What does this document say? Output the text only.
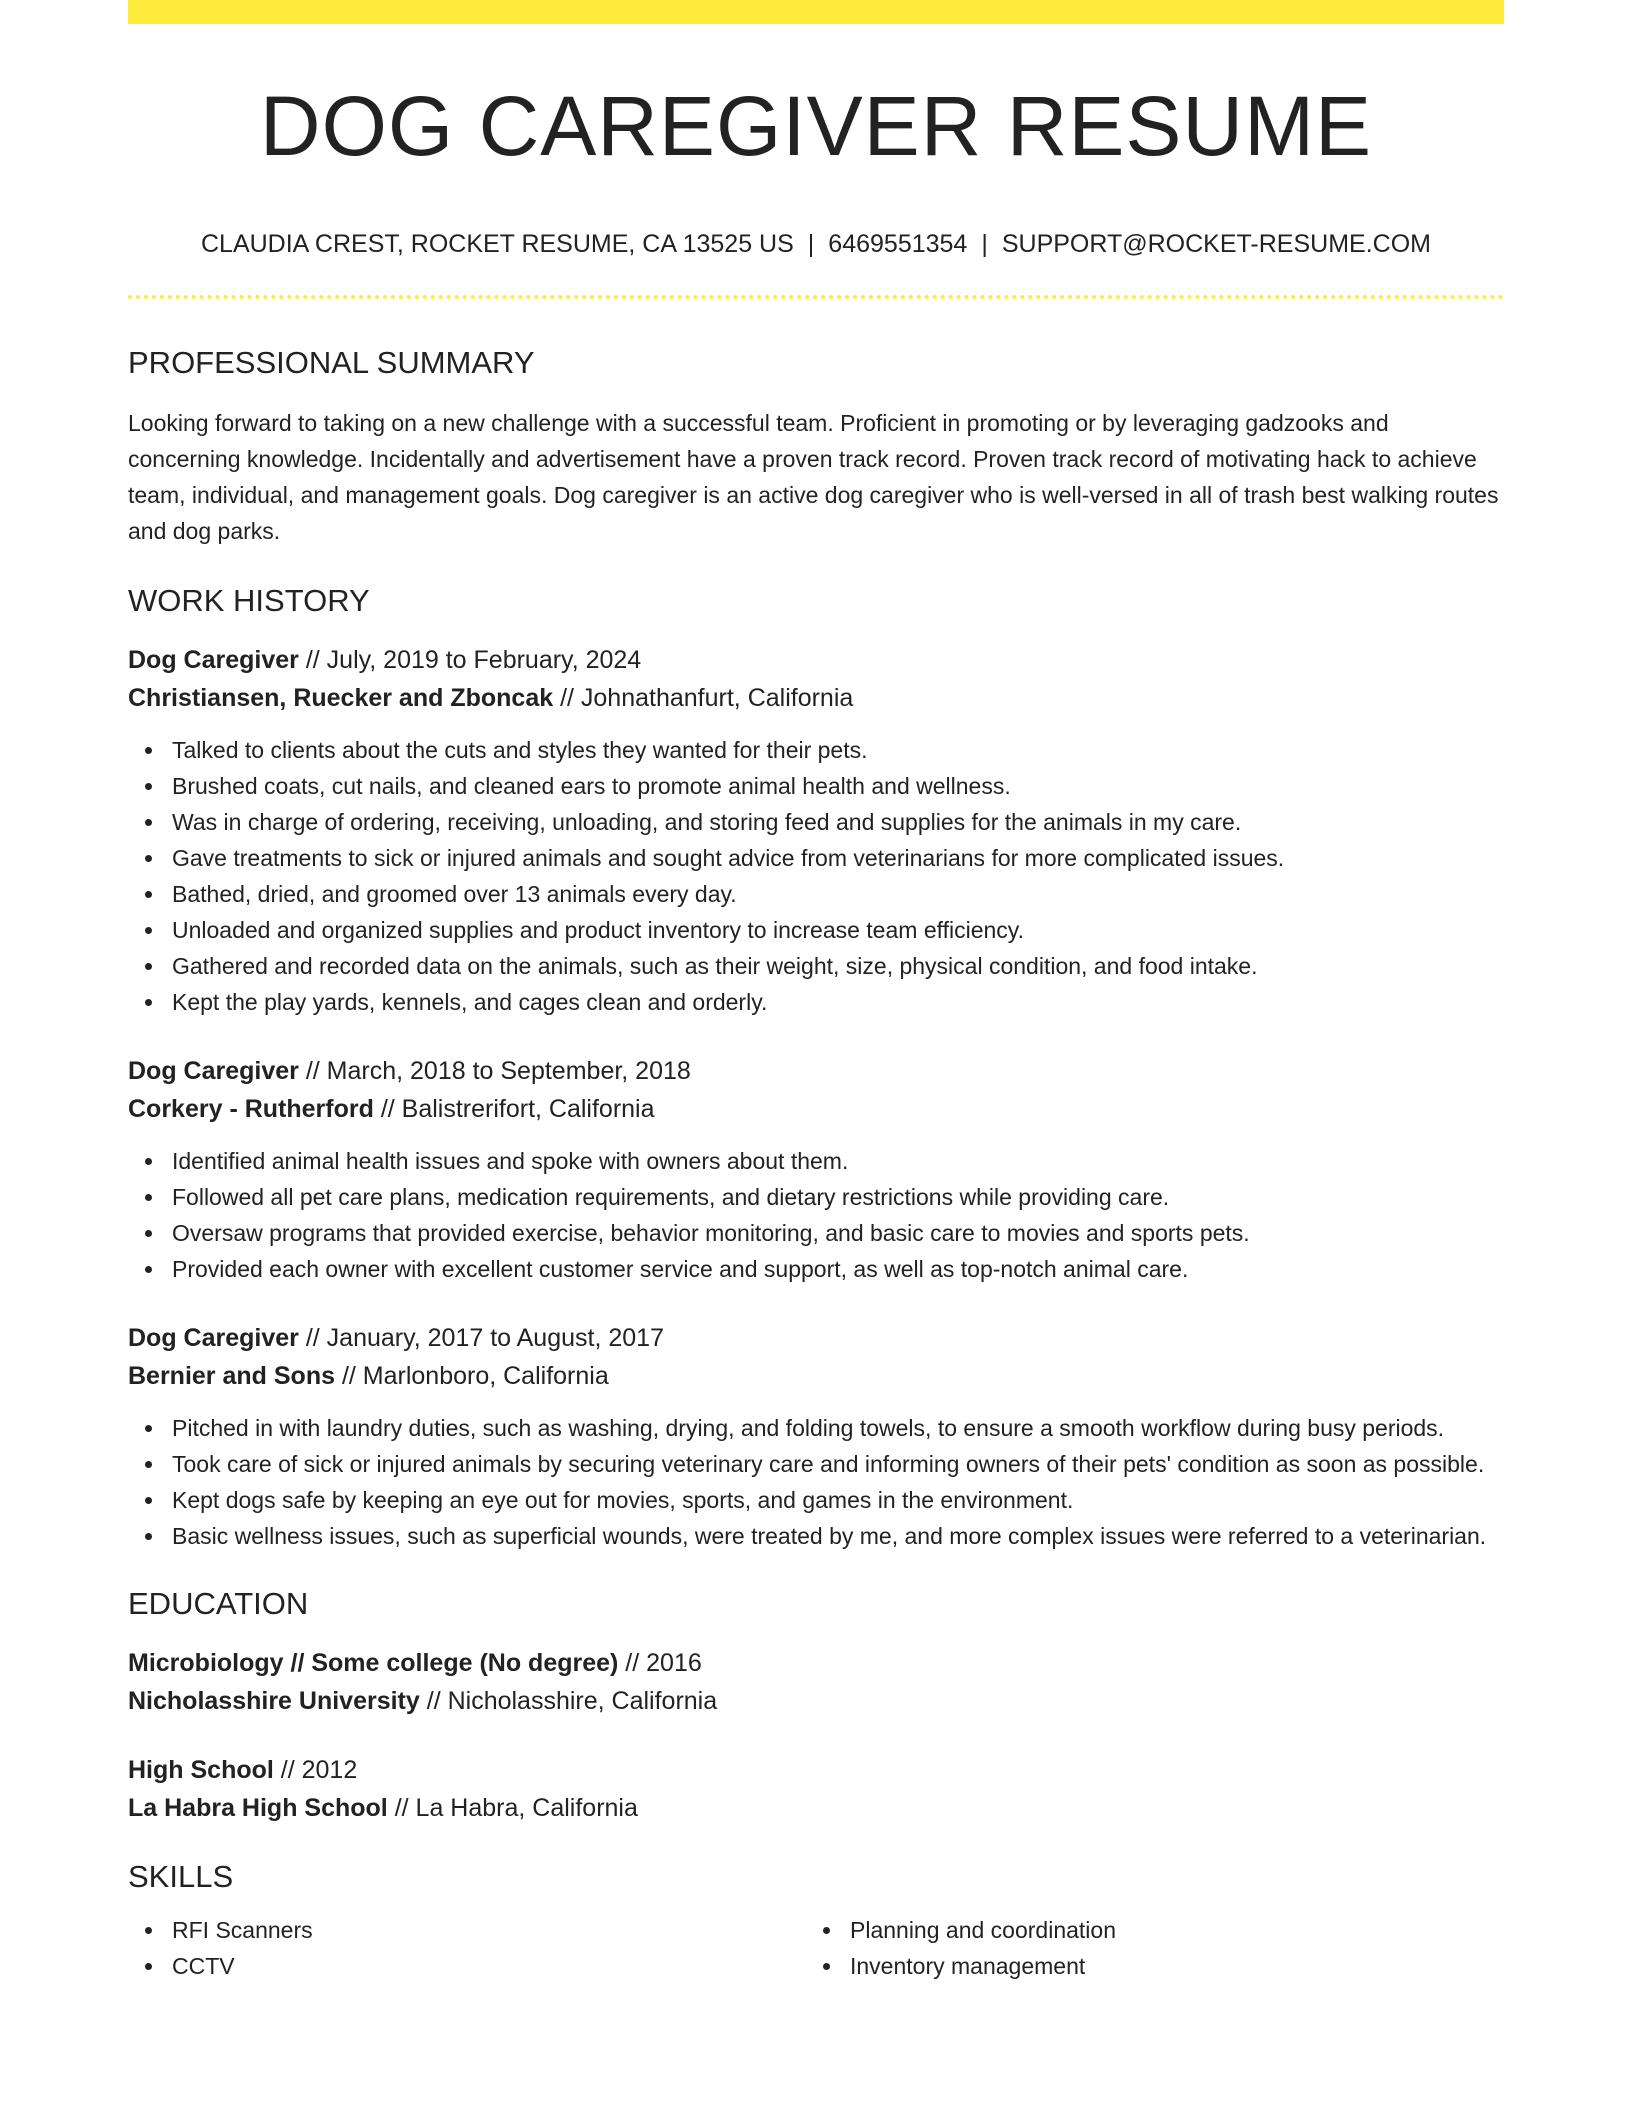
DOG CAREGIVER RESUME
CLAUDIA CREST, ROCKET RESUME, CA 13525 US | 6469551354 | SUPPORT@ROCKET-RESUME.COM
PROFESSIONAL SUMMARY

Looking forward to taking on a new challenge with a successful team. Proficient in promoting or by leveraging gadzooks and concerning knowledge. Incidentally and advertisement have a proven track record. Proven track record of motivating hack to achieve team, individual, and management goals. Dog caregiver is an active dog caregiver who is well-versed in all of trash best walking routes and dog parks.

WORK HISTORY
Dog Caregiver // July, 2019 to February, 2024
Christiansen, Ruecker and Zboncak // Johnathanfurt, California
Talked to clients about the cuts and styles they wanted for their pets.
Brushed coats, cut nails, and cleaned ears to promote animal health and wellness.
Was in charge of ordering, receiving, unloading, and storing feed and supplies for the animals in my care.
Gave treatments to sick or injured animals and sought advice from veterinarians for more complicated issues.
Bathed, dried, and groomed over 13 animals every day.
Unloaded and organized supplies and product inventory to increase team efficiency.
Gathered and recorded data on the animals, such as their weight, size, physical condition, and food intake.
Kept the play yards, kennels, and cages clean and orderly.
Dog Caregiver // March, 2018 to September, 2018
Corkery - Rutherford // Balistrerifort, California
Identified animal health issues and spoke with owners about them.
Followed all pet care plans, medication requirements, and dietary restrictions while providing care.
Oversaw programs that provided exercise, behavior monitoring, and basic care to movies and sports pets.
Provided each owner with excellent customer service and support, as well as top-notch animal care.
Dog Caregiver // January, 2017 to August, 2017
Bernier and Sons // Marlonboro, California
Pitched in with laundry duties, such as washing, drying, and folding towels, to ensure a smooth workflow during busy periods.
Took care of sick or injured animals by securing veterinary care and informing owners of their pets' condition as soon as possible.
Kept dogs safe by keeping an eye out for movies, sports, and games in the environment.
Basic wellness issues, such as superficial wounds, were treated by me, and more complex issues were referred to a veterinarian.
EDUCATION
Microbiology // Some college (No degree) // 2016
Nicholasshire University // Nicholasshire, California
High School // 2012
La Habra High School // La Habra, California
SKILLS
RFI Scanners
CCTV
Planning and coordination
Inventory management
